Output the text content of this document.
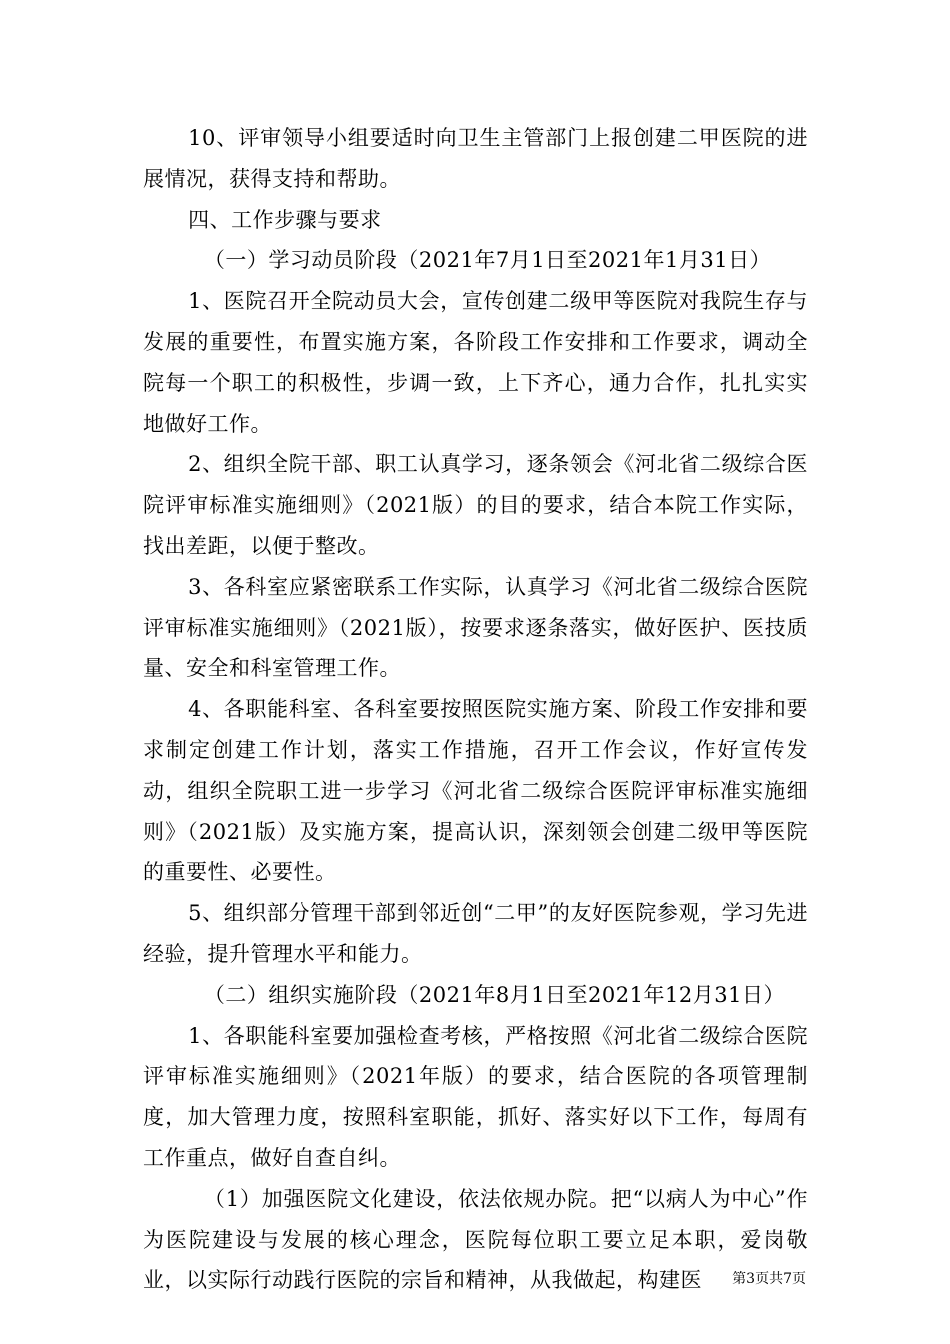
10、评审领导小组要适时向卫生主管部门上报创建二甲医院的进展情况，获得支持和帮助。

四、工作步骤与要求

（一）学习动员阶段（2021年7月1日至2021年1月31日）

1、医院召开全院动员大会，宣传创建二级甲等医院对我院生存与发展的重要性，布置实施方案，各阶段工作安排和工作要求，调动全院每一个职工的积极性，步调一致，上下齐心，通力合作，扎扎实实地做好工作。

2、组织全院干部、职工认真学习，逐条领会《河北省二级综合医院评审标准实施细则》（2021版）的目的要求，结合本院工作实际，找出差距，以便于整改。

3、各科室应紧密联系工作实际，认真学习《河北省二级综合医院评审标准实施细则》（2021版），按要求逐条落实，做好医护、医技质量、安全和科室管理工作。

4、各职能科室、各科室要按照医院实施方案、阶段工作安排和要求制定创建工作计划，落实工作措施，召开工作会议，作好宣传发动，组织全院职工进一步学习《河北省二级综合医院评审标准实施细则》（2021版）及实施方案，提高认识，深刻领会创建二级甲等医院的重要性、必要性。

5、组织部分管理干部到邻近创“二甲”的友好医院参观，学习先进经验，提升管理水平和能力。

（二）组织实施阶段（2021年8月1日至2021年12月31日）

1、各职能科室要加强检查考核，严格按照《河北省二级综合医院评审标准实施细则》（2021年版）的要求，结合医院的各项管理制度，加大管理力度，按照科室职能，抓好、落实好以下工作，每周有工作重点，做好自查自纠。

（1）加强医院文化建设，依法依规办院。把“以病人为中心”作为医院建设与发展的核心理念，医院每位职工要立足本职，爱岗敬业，以实际行动践行医院的宗旨和精神，从我做起，构建医	第3页共7页
